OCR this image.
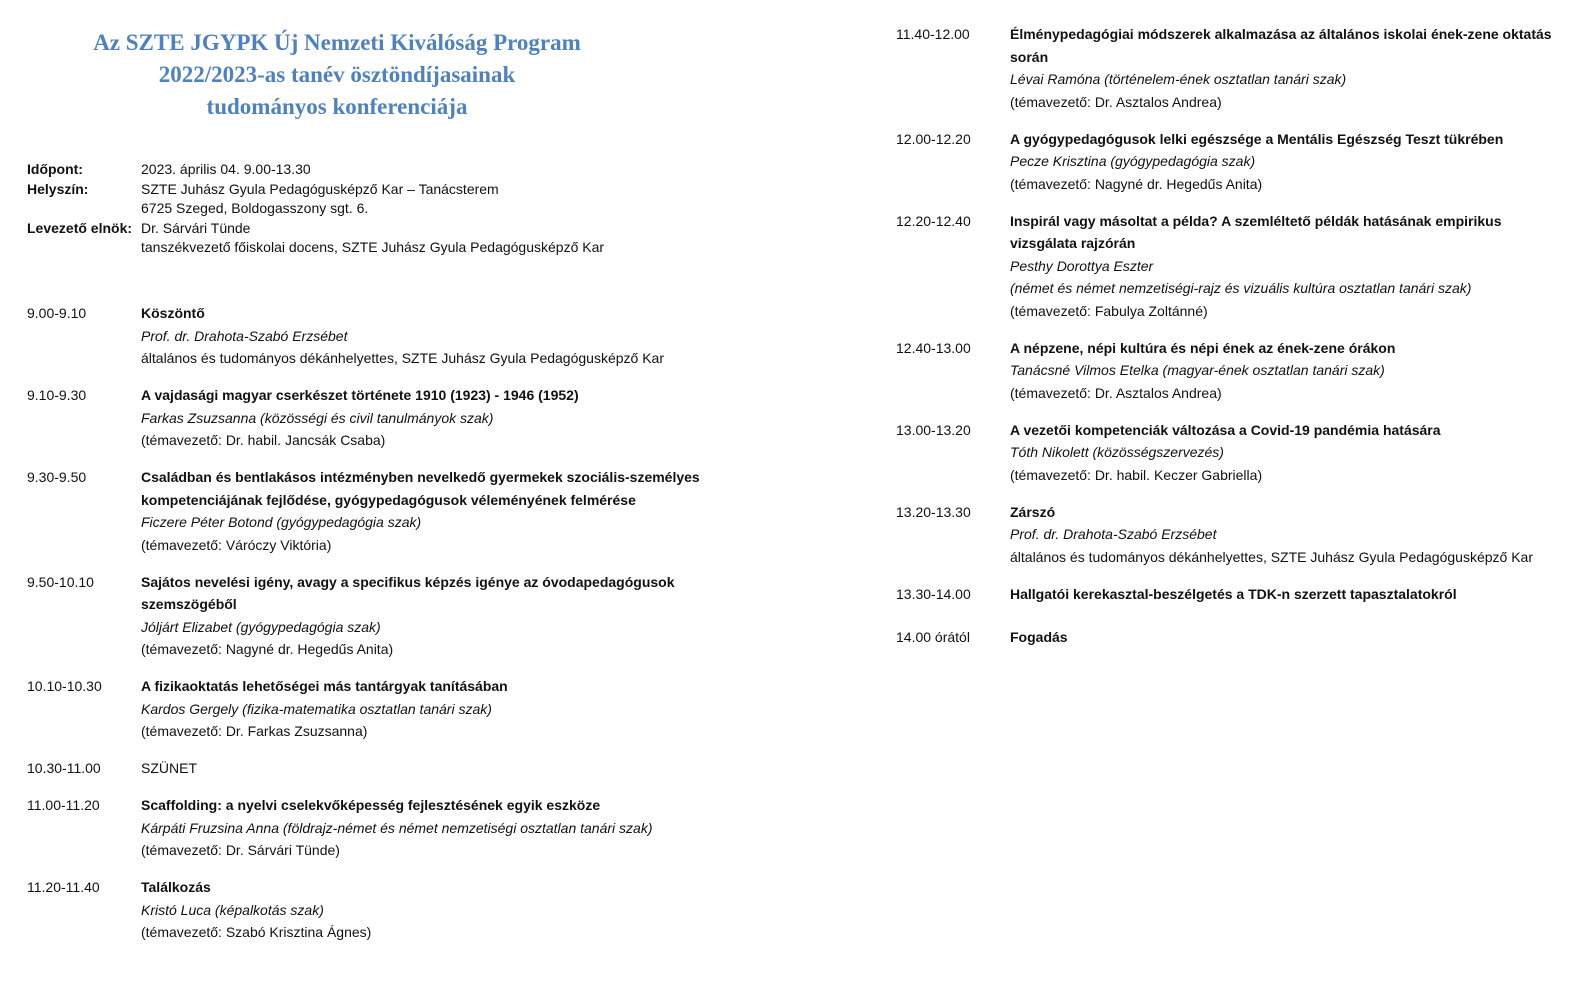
Az SZTE JGYPK Új Nemzeti Kiválóság Program
2022/2023-as tanév ösztöndíjasainak
tudományos konferenciája
Időpont:	2023. április 04. 9.00-13.30
Helyszín:	SZTE Juhász Gyula Pedagógusképző Kar – Tanácsterem
6725 Szeged, Boldogasszony sgt. 6.
Levezető elnök: Dr. Sárvári Tünde
tanszékvezető főiskolai docens, SZTE Juhász Gyula Pedagógusképző Kar
9.00-9.10	Köszöntő
Prof. dr. Drahota-Szabó Erzsébet
általános és tudományos dékánhelyettes, SZTE Juhász Gyula Pedagógusképző Kar
9.10-9.30	A vajdasági magyar cserkészet története 1910 (1923) - 1946 (1952)
Farkas Zsuzsanna (közösségi és civil tanulmányok szak)
(témavezető: Dr. habil. Jancsák Csaba)
9.30-9.50	Családban és bentlakásos intézményben nevelkedő gyermekek szociális-személyes kompetenciájának fejlődése, gyógypedagógusok véleményének felmérése
Ficzere Péter Botond (gyógypedagógia szak)
(témavezető: Váróczy Viktória)
9.50-10.10	Sajátos nevelési igény, avagy a specifikus képzés igénye az óvodapedagógusok szemszögéből
Jóljárt Elizabet (gyógypedagógia szak)
(témavezető: Nagyné dr. Hegedűs Anita)
10.10-10.30	A fizikaoktatás lehetőségei más tantárgyak tanításában
Kardos Gergely (fizika-matematika osztatlan tanári szak)
(témavezető: Dr. Farkas Zsuzsanna)
10.30-11.00	SZÜNET
11.00-11.20	Scaffolding: a nyelvi cselekvőképesség fejlesztésének egyik eszköze
Kárpáti Fruzsina Anna (földrajz-német és német nemzetiségi osztatlan tanári szak)
(témavezető: Dr. Sárvári Tünde)
11.20-11.40	Találkozás
Kristó Luca (képalkotás szak)
(témavezető: Szabó Krisztina Ágnes)
11.40-12.00	Élménypedagógiai módszerek alkalmazása az általános iskolai ének-zene oktatás során
Lévai Ramóna (történelem-ének osztatlan tanári szak)
(témavezető: Dr. Asztalos Andrea)
12.00-12.20	A gyógypedagógusok lelki egészsége a Mentális Egészség Teszt tükrében
Pecze Krisztina (gyógypedagógia szak)
(témavezető: Nagyné dr. Hegedűs Anita)
12.20-12.40	Inspirál vagy másoltat a példa? A szemléltető példák hatásának empirikus vizsgálata rajzórán
Pesthy Dorottya Eszter
(német és német nemzetiségi-rajz és vizuális kultúra osztatlan tanári szak)
(témavezető: Fabulya Zoltánné)
12.40-13.00	A népzene, népi kultúra és népi ének az ének-zene órákon
Tanácsné Vilmos Etelka (magyar-ének osztatlan tanári szak)
(témavezető: Dr. Asztalos Andrea)
13.00-13.20	A vezetői kompetenciák változása a Covid-19 pandémia hatására
Tóth Nikolett (közösségszervezés)
(témavezető: Dr. habil. Keczer Gabriella)
13.20-13.30	Zárszó
Prof. dr. Drahota-Szabó Erzsébet
általános és tudományos dékánhelyettes, SZTE Juhász Gyula Pedagógusképző Kar
13.30-14.00	Hallgatói kerekasztal-beszélgetés a TDK-n szerzett tapasztalatokról
14.00 órától	Fogadás
